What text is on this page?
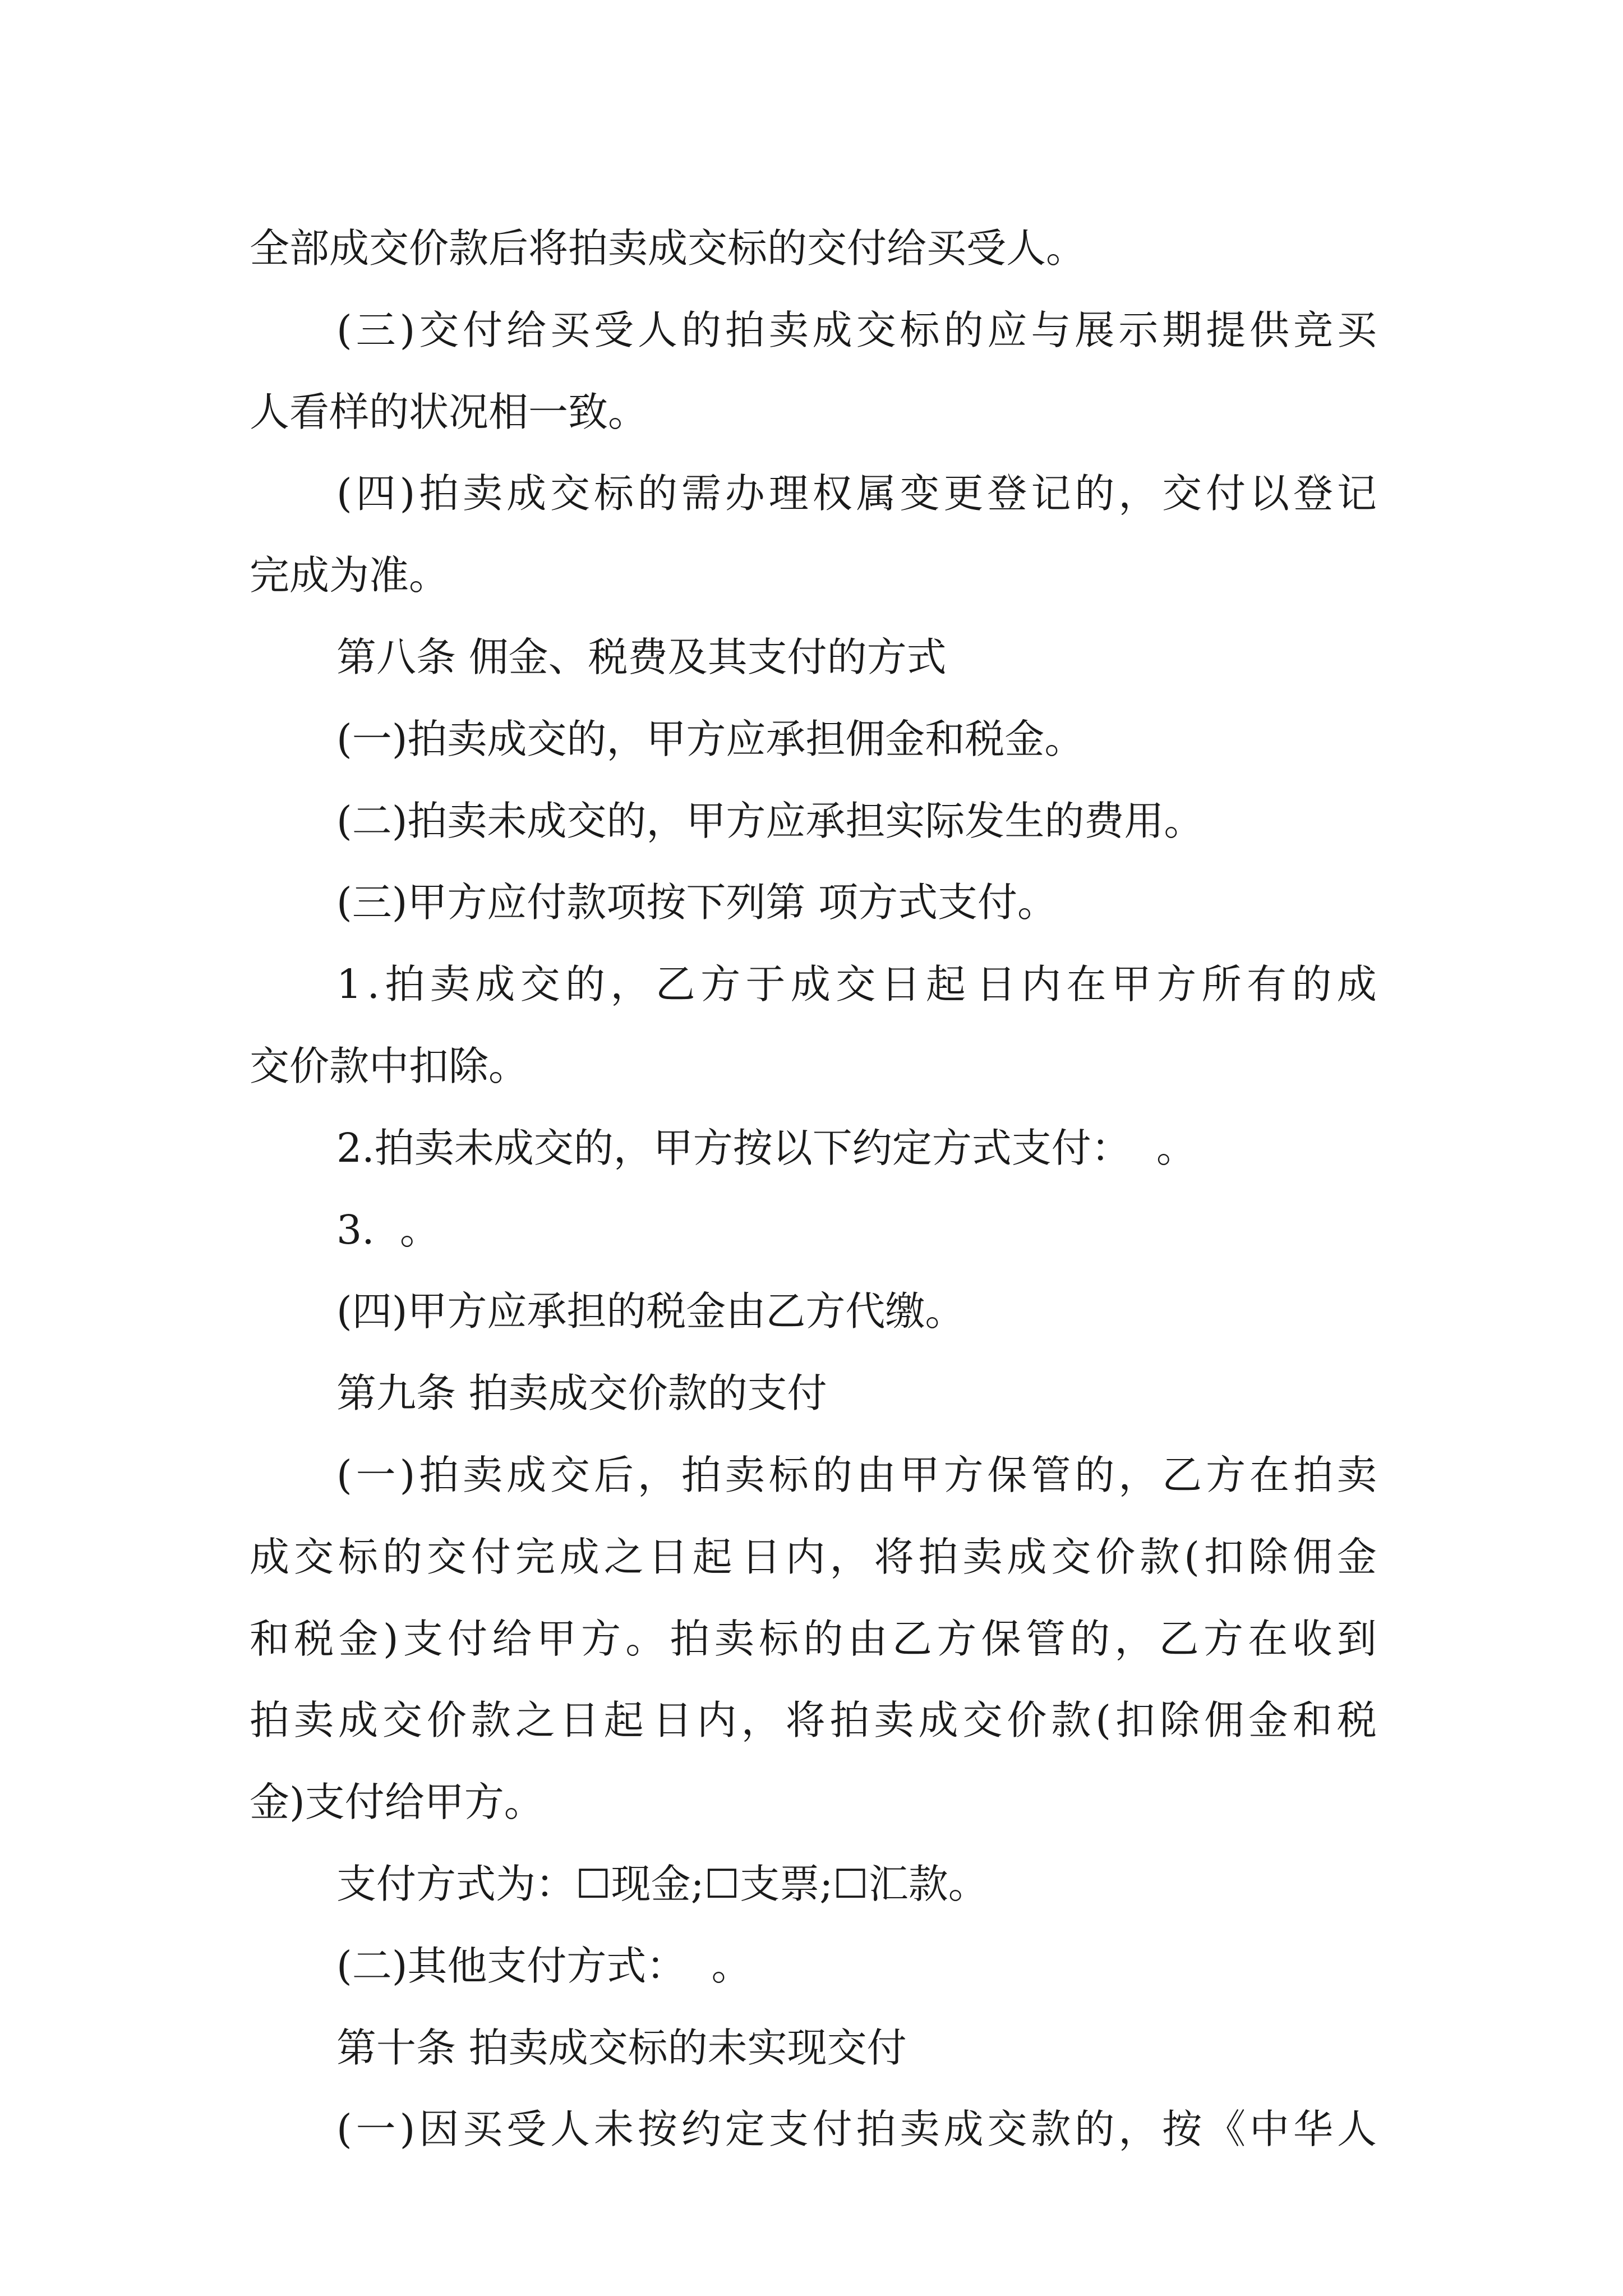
全部成交价款后将拍卖成交标的交付给买受人。
( 三 ) 交 付 给 买 受 人 的 拍 卖 成 交 标 的 应 与 展 示 期 提 供 竞 买
人看样的状况相一致。
( 四 ) 拍 卖 成 交 标 的 需 办 理 权 属 变 更 登 记 的 ， 交 付 以 登 记
完成为准。
第八条 佣金、税费及其支付的方式
(一)拍卖成交的，甲方应承担佣金和税金。
(二)拍卖未成交的，甲方应承担实际发生的费用。
(三)甲方应付款项按下列第 项方式支付。
1 . 拍 卖 成 交 的 ， 乙 方 于 成 交 日 起 日 内 在 甲 方 所 有 的 成
交价款中扣除。
2.拍卖未成交的，甲方按以下约定方式支付：  。
3.  。
(四)甲方应承担的税金由乙方代缴。
第九条 拍卖成交价款的支付
( 一 ) 拍 卖 成 交 后 ， 拍 卖 标 的 由 甲 方 保 管 的 ， 乙 方 在 拍 卖
成 交 标 的 交 付 完 成 之 日 起 日 内 ， 将 拍 卖 成 交 价 款 ( 扣 除 佣 金
和 税 金 ) 支 付 给 甲 方 。 拍 卖 标 的 由 乙 方 保 管 的 ， 乙 方 在 收 到
拍 卖 成 交 价 款 之 日 起 日 内 ， 将 拍 卖 成 交 价 款 ( 扣 除 佣 金 和 税
金)支付给甲方。
支付方式为：☐现金;☐支票;☐汇款。
(二)其他支付方式：  。
第十条 拍卖成交标的未实现交付
( 一 ) 因 买 受 人 未 按 约 定 支 付 拍 卖 成 交 款 的 ， 按 《 中 华 人
